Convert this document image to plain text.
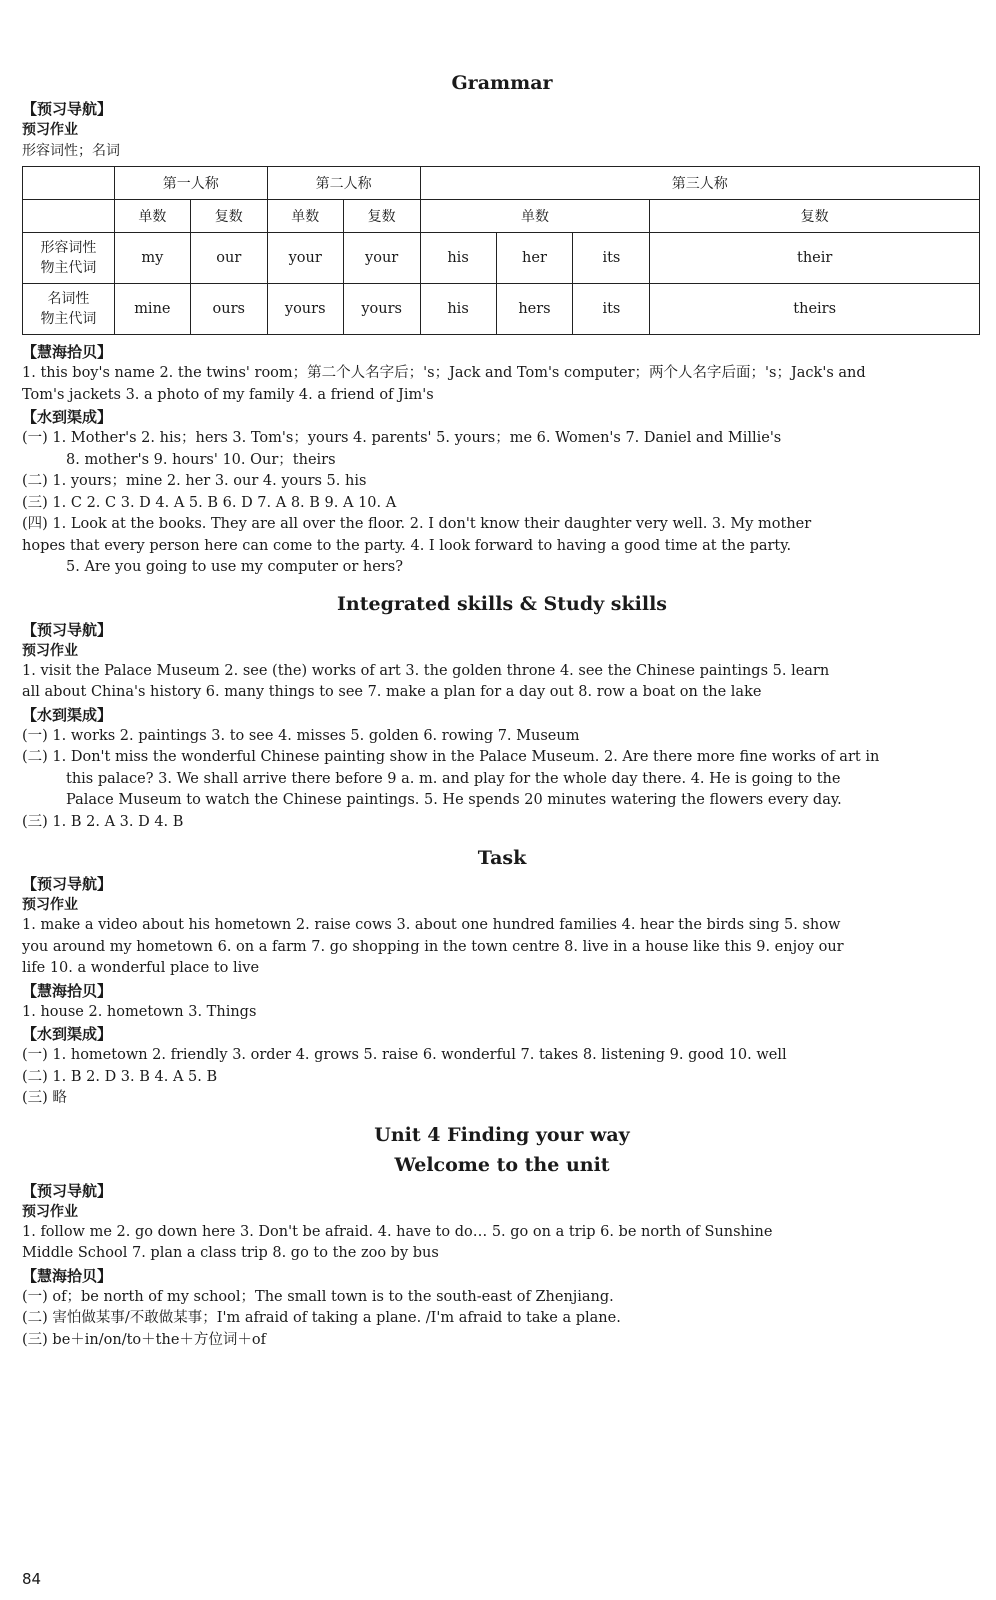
Grammar
【预习导航】
预习作业
形容词性；名词
	第一人称		第二人称		第三人称			
	单数	复数	单数	复数	单数			复数
形容词性
物主代词	my	our	your	your	his	her	its	their
名词性
物主代词	mine	ours	yours	yours	his	hers	its	theirs
【慧海拾贝】
1. this boy's name 2. the twins' room；第二个人名字后；'s；Jack and Tom's computer；两个人名字后面；'s；Jack's and
Tom's jackets 3. a photo of my family 4. a friend of Jim's
【水到渠成】
(一) 1. Mother's 2. his；hers 3. Tom's；yours 4. parents' 5. yours；me 6. Women's 7. Daniel and Millie's
8. mother's 9. hours' 10. Our；theirs
(二) 1. yours；mine 2. her 3. our 4. yours 5. his
(三) 1. C 2. C 3. D 4. A 5. B 6. D 7. A 8. B 9. A 10. A
(四) 1. Look at the books. They are all over the floor. 2. I don't know their daughter very well. 3. My mother
hopes that every person here can come to the party. 4. I look forward to having a good time at the party.
5. Are you going to use my computer or hers?
Integrated skills & Study skills
【预习导航】
预习作业
1. visit the Palace Museum 2. see (the) works of art 3. the golden throne 4. see the Chinese paintings 5. learn
all about China's history 6. many things to see 7. make a plan for a day out 8. row a boat on the lake
【水到渠成】
(一) 1. works 2. paintings 3. to see 4. misses 5. golden 6. rowing 7. Museum
(二) 1. Don't miss the wonderful Chinese painting show in the Palace Museum. 2. Are there more fine works of art in
this palace? 3. We shall arrive there before 9 a. m. and play for the whole day there. 4. He is going to the
Palace Museum to watch the Chinese paintings. 5. He spends 20 minutes watering the flowers every day.
(三) 1. B 2. A 3. D 4. B
Task
【预习导航】
预习作业
1. make a video about his hometown 2. raise cows 3. about one hundred families 4. hear the birds sing 5. show
you around my hometown 6. on a farm 7. go shopping in the town centre 8. live in a house like this 9. enjoy our
life 10. a wonderful place to live
【慧海拾贝】
1. house 2. hometown 3. Things
【水到渠成】
(一) 1. hometown 2. friendly 3. order 4. grows 5. raise 6. wonderful 7. takes 8. listening 9. good 10. well
(二) 1. B 2. D 3. B 4. A 5. B
(三) 略
Unit 4 Finding your way
Welcome to the unit
【预习导航】
预习作业
1. follow me 2. go down here 3. Don't be afraid. 4. have to do… 5. go on a trip 6. be north of Sunshine
Middle School 7. plan a class trip 8. go to the zoo by bus
【慧海拾贝】
(一) of；be north of my school；The small town is to the south-east of Zhenjiang.
(二) 害怕做某事/不敢做某事；I'm afraid of taking a plane. /I'm afraid to take a plane.
(三) be＋in/on/to＋the＋方位词＋of
84
